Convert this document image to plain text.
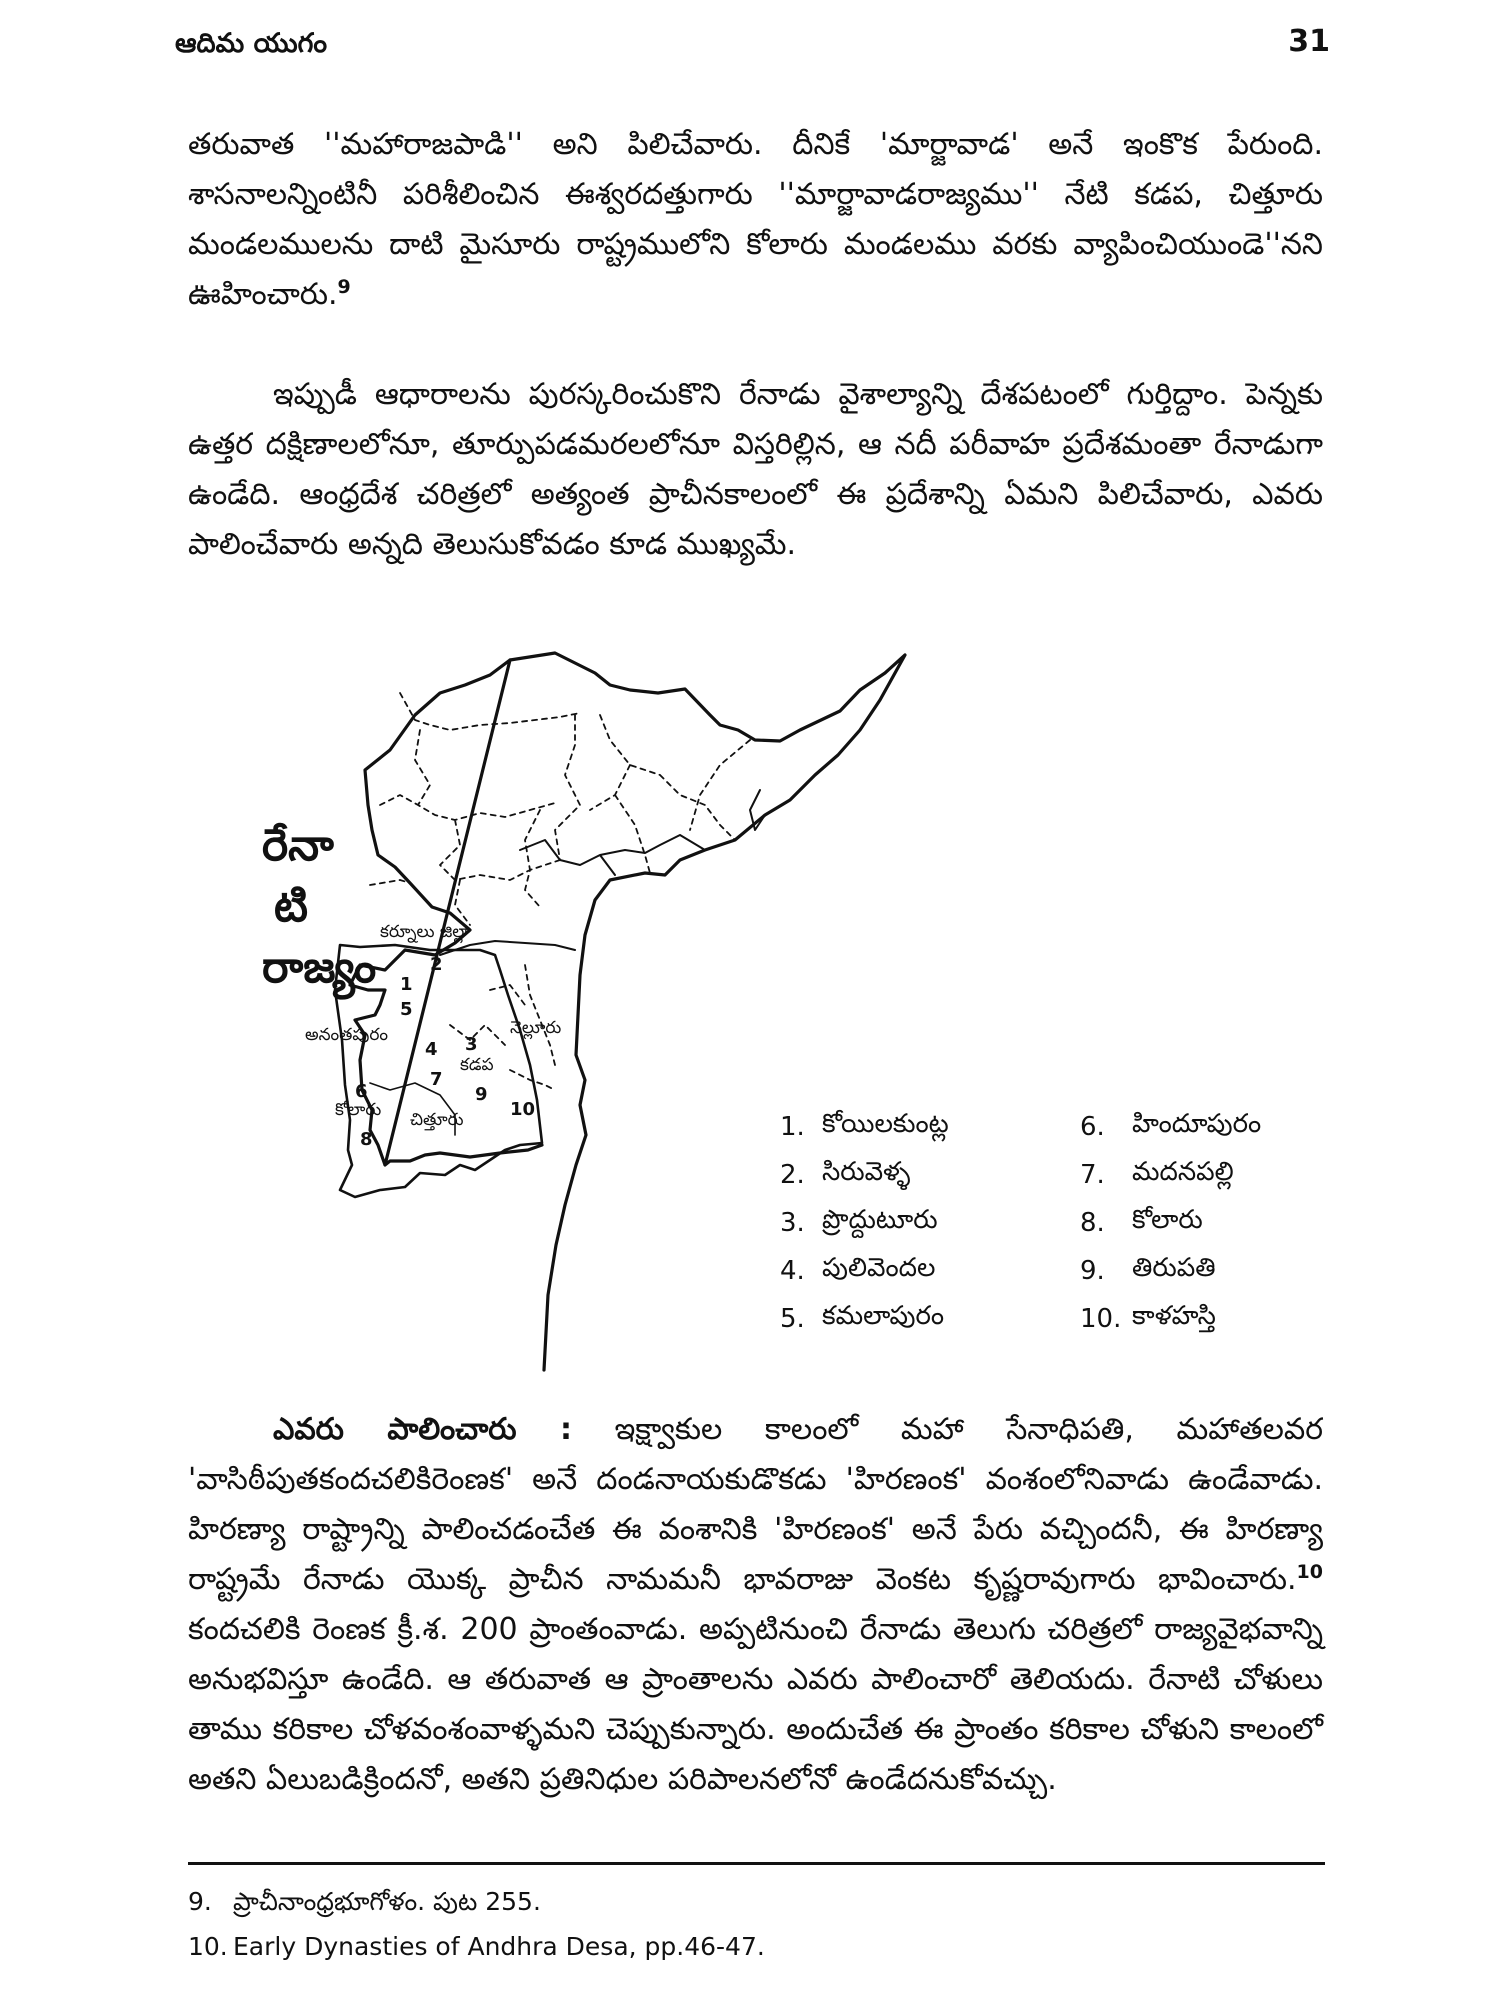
ఆదిమ యుగం	31

తరువాత ''మహారాజపాడి'' అని పిలిచేవారు. దీనికే 'మార్జావాడ' అనే ఇంకొక పేరుంది. శాసనాలన్నింటినీ పరిశీలించిన ఈశ్వరదత్తుగారు ''మార్జావాడరాజ్యము'' నేటి కడప, చిత్తూరు మండలములను దాటి మైసూరు రాష్ట్రములోని కోలారు మండలము వరకు వ్యాపించియుండె''నని ఊహించారు.$^9$

ఇప్పుడీ ఆధారాలను పురస్కరించుకొని రేనాడు వైశాల్యాన్ని దేశపటంలో గుర్తిద్దాం. పెన్నకు ఉత్తర దక్షిణాలలోనూ, తూర్పుపడమరలలోనూ విస్తరిల్లిన, ఆ నదీ పరీవాహ ప్రదేశమంతా రేనాడుగా ఉండేది. ఆంధ్రదేశ చరిత్రలో అత్యంత ప్రాచీనకాలంలో ఈ ప్రదేశాన్ని ఏమని పిలిచేవారు, ఎవరు పాలించేవారు అన్నది తెలుసుకోవడం కూడ ముఖ్యమే.

రేనాటి రాజ్యం
కర్నూలు జిల్లా
అనంతపురం	నెల్లూరు
కడప
కోలారు చిత్తూరు
1
2
3
4
5
6
7
8
9
10
1. కోయిలకుంట్ల	6.	హిందూపురం
2. సిరువెళ్ళ	7.	మదనపల్లి
3. ప్రొద్దుటూరు	8.	కోలారు
4. పులివెందల	9.	తిరుపతి
5. కమలాపురం	10. కాళహస్తి

ఎవరు పాలించారు : ఇక్ష్వాకుల కాలంలో మహా సేనాధిపతి, మహాతలవర 'వాసిఠీపుతకందచలికిరెంణక' అనే దండనాయకుడొకడు 'హిరణంక' వంశంలోనివాడు ఉండేవాడు. హిరణ్యా రాష్ట్రాన్ని పాలించడంచేత ఈ వంశానికి 'హిరణంక' అనే పేరు వచ్చిందనీ, ఈ హిరణ్యా రాష్ట్రమే రేనాడు యొక్క ప్రాచీన నామమనీ భావరాజు వెంకట కృష్ణరావుగారు భావించారు.$^{10}$ కందచలికి రెంణక క్రీ.శ. 200 ప్రాంతంవాడు. అప్పటినుంచి రేనాడు తెలుగు చరిత్రలో రాజ్యవైభవాన్ని అనుభవిస్తూ ఉండేది. ఆ తరువాత ఆ ప్రాంతాలను ఎవరు పాలించారో తెలియదు. రేనాటి చోళులు తాము కరికాల చోళవంశంవాళ్ళమని చెప్పుకున్నారు. అందుచేత ఈ ప్రాంతం కరికాల చోళుని కాలంలో అతని ఏలుబడిక్రిందనో, అతని ప్రతినిధుల పరిపాలనలోనో ఉండేదనుకోవచ్చు.

9. ప్రాచీనాంధ్రభూగోళం. పుట 255.
10. Early Dynasties of Andhra Desa, pp.46-47.
